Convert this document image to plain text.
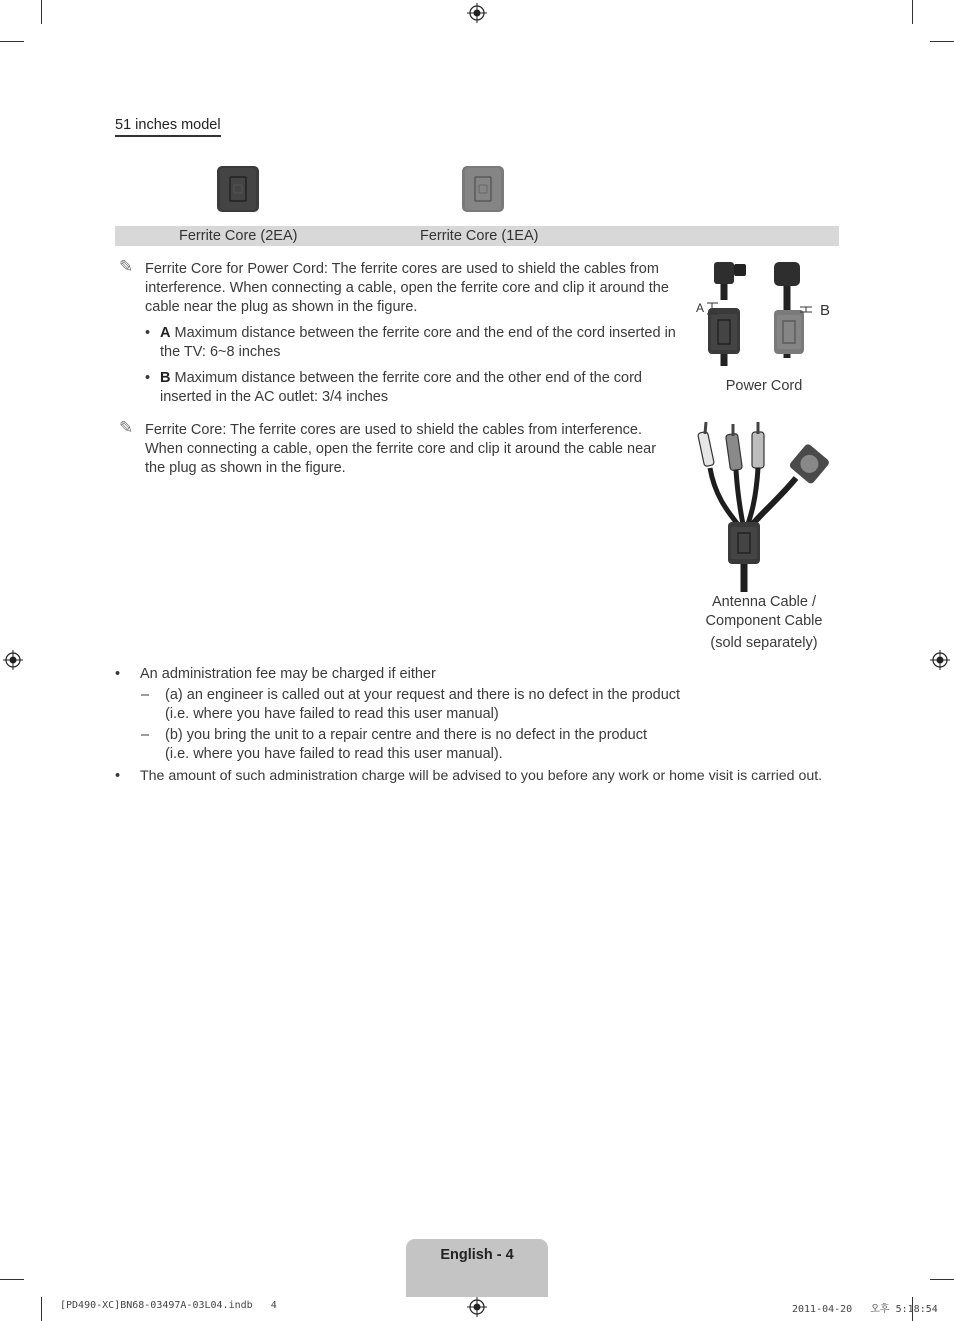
51 inches model
Ferrite Core (2EA)	Ferrite Core (1EA)
✎ Ferrite Core for Power Cord: The ferrite cores are used to shield the cables from interference. When connecting a cable, open the ferrite core and clip it around the cable near the plug as shown in the figure.
• A Maximum distance between the ferrite core and the end of the cord inserted in the TV: 6~8 inches
• B Maximum distance between the ferrite core and the other end of the cord inserted in the AC outlet: 3/4 inches
✎ Ferrite Core: The ferrite cores are used to shield the cables from interference. When connecting a cable, open the ferrite core and clip it around the cable near the plug as shown in the figure.
A	B
Power Cord
Antenna Cable /
Component Cable
(sold separately)
• An administration fee may be charged if either
– (a) an engineer is called out at your request and there is no defect in the product
(i.e. where you have failed to read this user manual)
– (b) you bring the unit to a repair centre and there is no defect in the product
(i.e. where you have failed to read this user manual).
• The amount of such administration charge will be advised to you before any work or home visit is carried out.
English - 4
[PD490-XC]BN68-03497A-03L04.indb   4	2011-04-20   오후 5:18:54
